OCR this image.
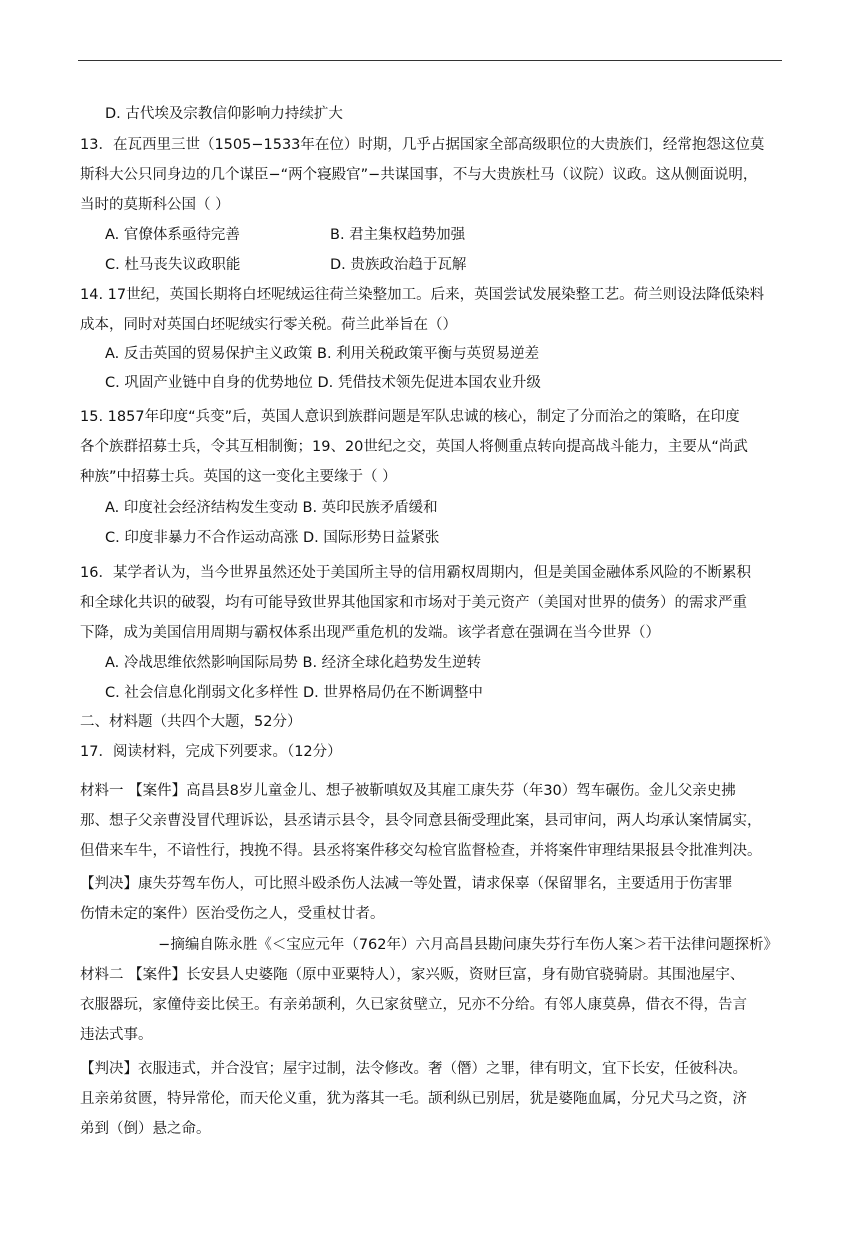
D. 古代埃及宗教信仰影响力持续扩大
13．在瓦西里三世（1505−1533年在位）时期，几乎占据国家全部高级职位的大贵族们，经常抱怨这位莫
斯科大公只同身边的几个谋臣−“两个寝殿官”−共谋国事，不与大贵族杜马（议院）议政。这从侧面说明，
当时的莫斯科公国（ ）
A. 官僚体系亟待完善	B. 君主集权趋势加强
C. 杜马丧失议政职能	D. 贵族政治趋于瓦解
14. 17世纪，英国长期将白坯呢绒运往荷兰染整加工。后来，英国尝试发展染整工艺。荷兰则设法降低染料
成本，同时对英国白坯呢绒实行零关税。荷兰此举旨在（）
A. 反击英国的贸易保护主义政策 B. 利用关税政策平衡与英贸易逆差
C. 巩固产业链中自身的优势地位 D. 凭借技术领先促进本国农业升级
15. 1857年印度“兵变”后，英国人意识到族群问题是军队忠诚的核心，制定了分而治之的策略，在印度
各个族群招募士兵，令其互相制衡；19、20世纪之交，英国人将侧重点转向提高战斗能力，主要从“尚武
种族”中招募士兵。英国的这一变化主要缘于（ ）
A. 印度社会经济结构发生变动 B. 英印民族矛盾缓和
C. 印度非暴力不合作运动高涨 D. 国际形势日益紧张
16．某学者认为，当今世界虽然还处于美国所主导的信用霸权周期内，但是美国金融体系风险的不断累积
和全球化共识的破裂，均有可能导致世界其他国家和市场对于美元资产（美国对世界的债务）的需求严重
下降，成为美国信用周期与霸权体系出现严重危机的发端。该学者意在强调在当今世界（）
A. 冷战思维依然影响国际局势 B. 经济全球化趋势发生逆转
C. 社会信息化削弱文化多样性 D. 世界格局仍在不断调整中
二、材料题（共四个大题，52分）
17．阅读材料，完成下列要求。（12分）
材料一 【案件】高昌县8岁儿童金儿、想子被靳嗔奴及其雇工康失芬（年30）驾车碾伤。金儿父亲史拂
那、想子父亲曹没冒代理诉讼，县丞请示县令，县令同意县衙受理此案，县司审问，两人均承认案情属实，
但借来车牛，不谙性行，拽挽不得。县丞将案件移交勾检官监督检查，并将案件审理结果报县令批准判决。
【判决】康失芬驾车伤人，可比照斗殴杀伤人法减一等处置，请求保辜（保留罪名，主要适用于伤害罪
伤情未定的案件）医治受伤之人，受重杖廿者。
−摘编自陈永胜《＜宝应元年（762年）六月高昌县勘问康失芬行车伤人案＞若干法律问题探析》
材料二 【案件】长安县人史婆陁（原中亚粟特人），家兴贩，资财巨富，身有勋官骁骑尉。其围池屋宇、
衣服器玩，家僮侍妾比侯王。有亲弟颉利，久已家贫壁立，兄亦不分给。有邻人康莫鼻，借衣不得，告言
违法式事。
【判决】衣服违式，并合没官；屋宇过制，法令修改。奢（僭）之罪，律有明文，宜下长安，任彼科决。
且亲弟贫匮，特异常伦，而天伦义重，犹为落其一毛。颉利纵已别居，犹是婆陁血属，分兄犬马之资，济
弟到（倒）悬之命。
